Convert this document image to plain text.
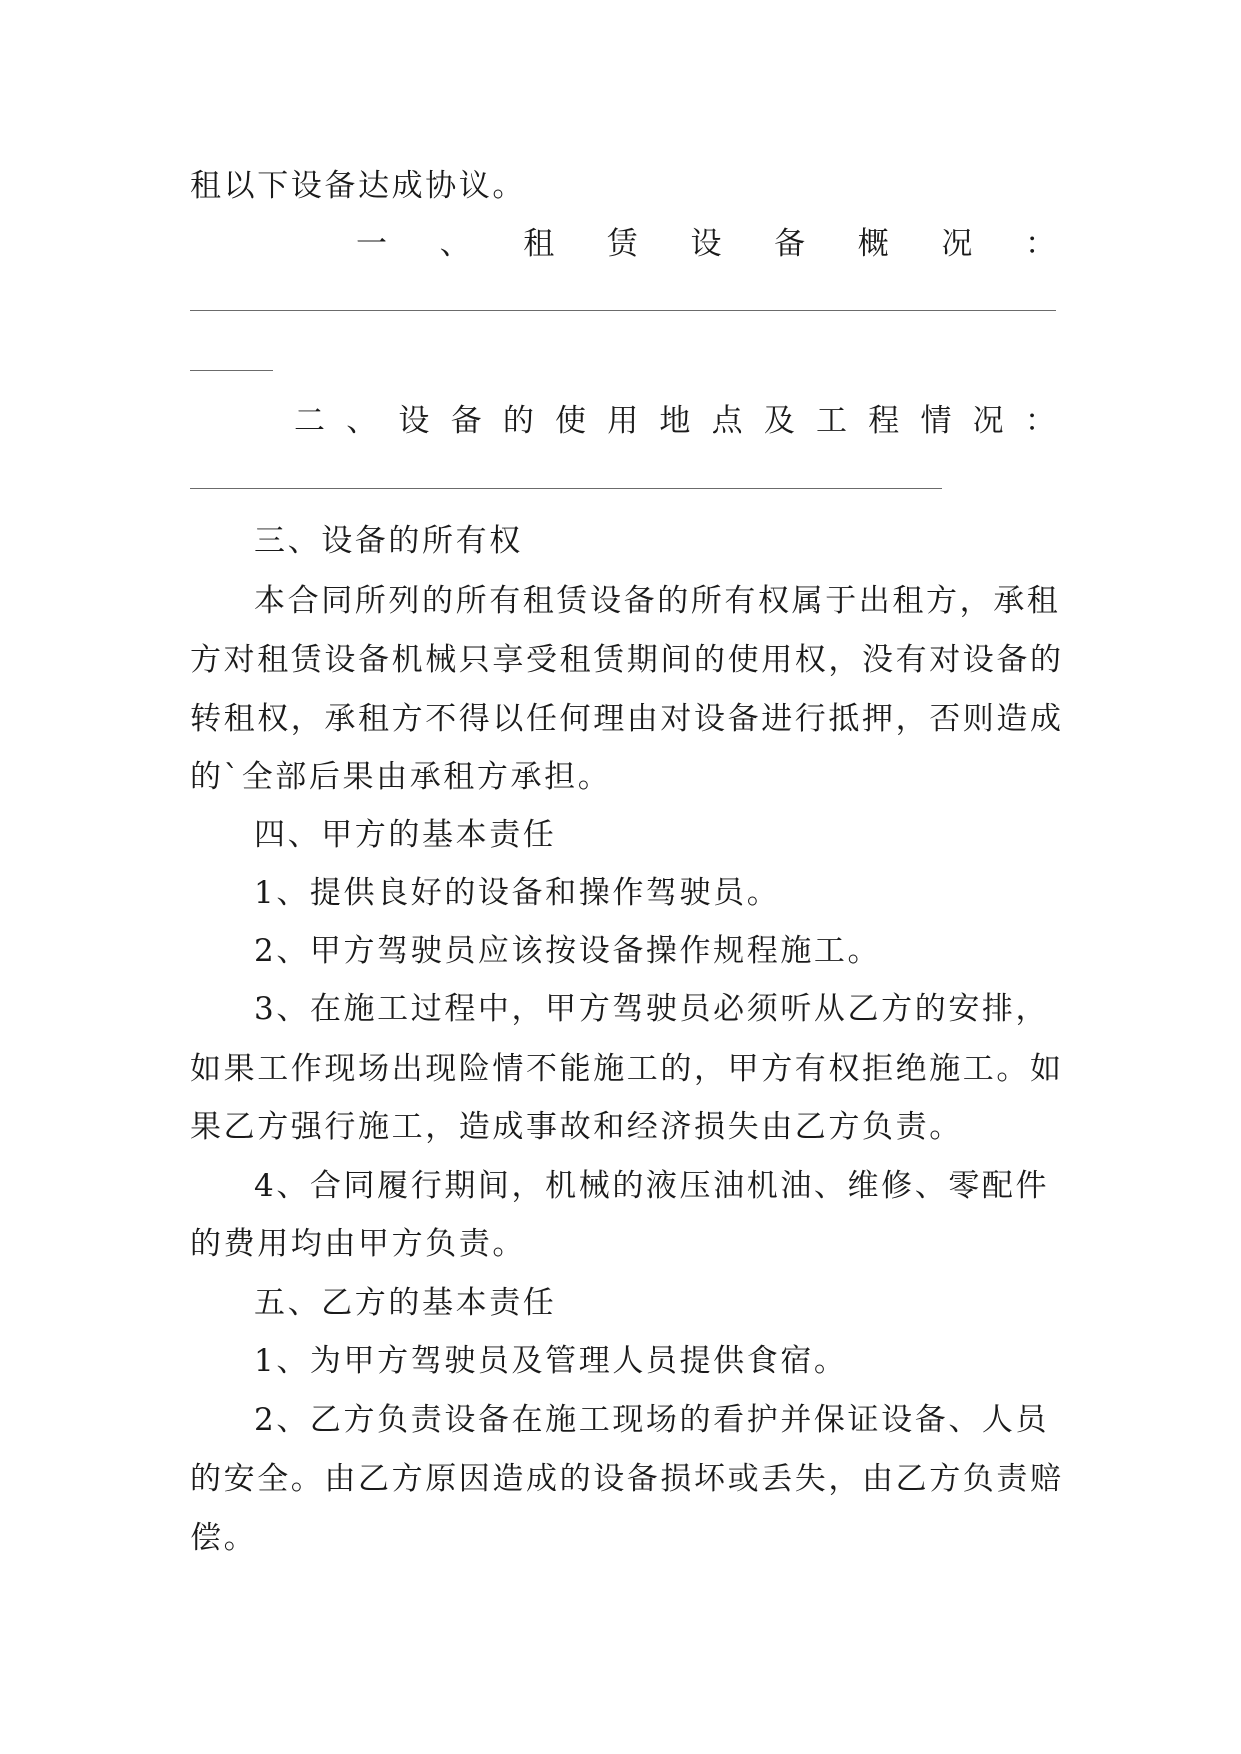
租以下设备达成协议。
一 、 租 赁 设 备 概 况 ：
二 、 设 备 的 使 用 地 点 及 工 程 情 况 ：
三、设备的所有权
本合同所列的所有租赁设备的所有权属于出租方，承租
方对租赁设备机械只享受租赁期间的使用权，没有对设备的
转租权，承租方不得以任何理由对设备进行抵押，否则造成
的`全部后果由承租方承担。
四、甲方的基本责任
1、提供良好的设备和操作驾驶员。
2、甲方驾驶员应该按设备操作规程施工。
3、在施工过程中，甲方驾驶员必须听从乙方的安排，
如果工作现场出现险情不能施工的，甲方有权拒绝施工。如
果乙方强行施工，造成事故和经济损失由乙方负责。
4、合同履行期间，机械的液压油机油、维修、零配件
的费用均由甲方负责。
五、乙方的基本责任
1、为甲方驾驶员及管理人员提供食宿。
2、乙方负责设备在施工现场的看护并保证设备、人员
的安全。由乙方原因造成的设备损坏或丢失，由乙方负责赔
偿。
